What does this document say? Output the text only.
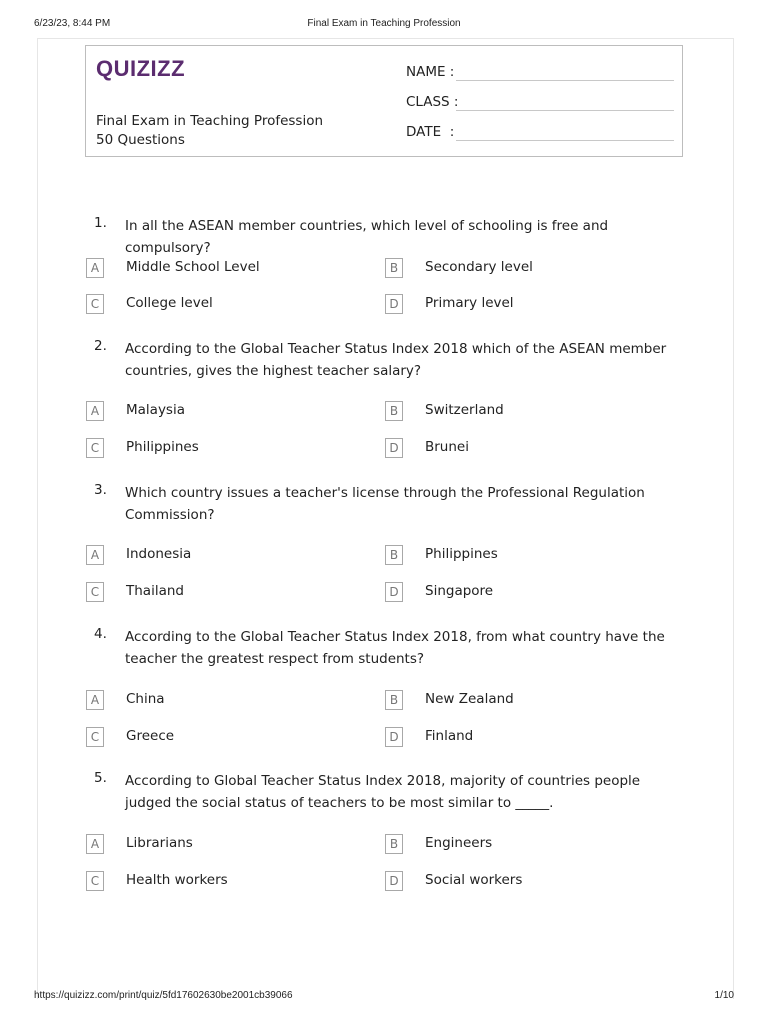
6/23/23, 8:44 PM	Final Exam in Teaching Profession
QUIZIZZ
Final Exam in Teaching Profession
50 Questions
NAME :
CLASS :
DATE  :
1. In all the ASEAN member countries, which level of schooling is free and compulsory?
A	Middle School Level	B	Secondary level
C	College level	D	Primary level
2. According to the Global Teacher Status Index 2018 which of the ASEAN member countries, gives the highest teacher salary?
A	Malaysia	B	Switzerland
C	Philippines	D	Brunei
3. Which country issues a teacher's license through the Professional Regulation Commission?
A	Indonesia	B	Philippines
C	Thailand	D	Singapore
4. According to the Global Teacher Status Index 2018, from what country have the teacher the greatest respect from students?
A	China	B	New Zealand
C	Greece	D	Finland
5. According to Global Teacher Status Index 2018, majority of countries people judged the social status of teachers to be most similar to _____.
A	Librarians	B	Engineers
C	Health workers	D	Social workers
https://quizizz.com/print/quiz/5fd17602630be2001cb39066	1/10
